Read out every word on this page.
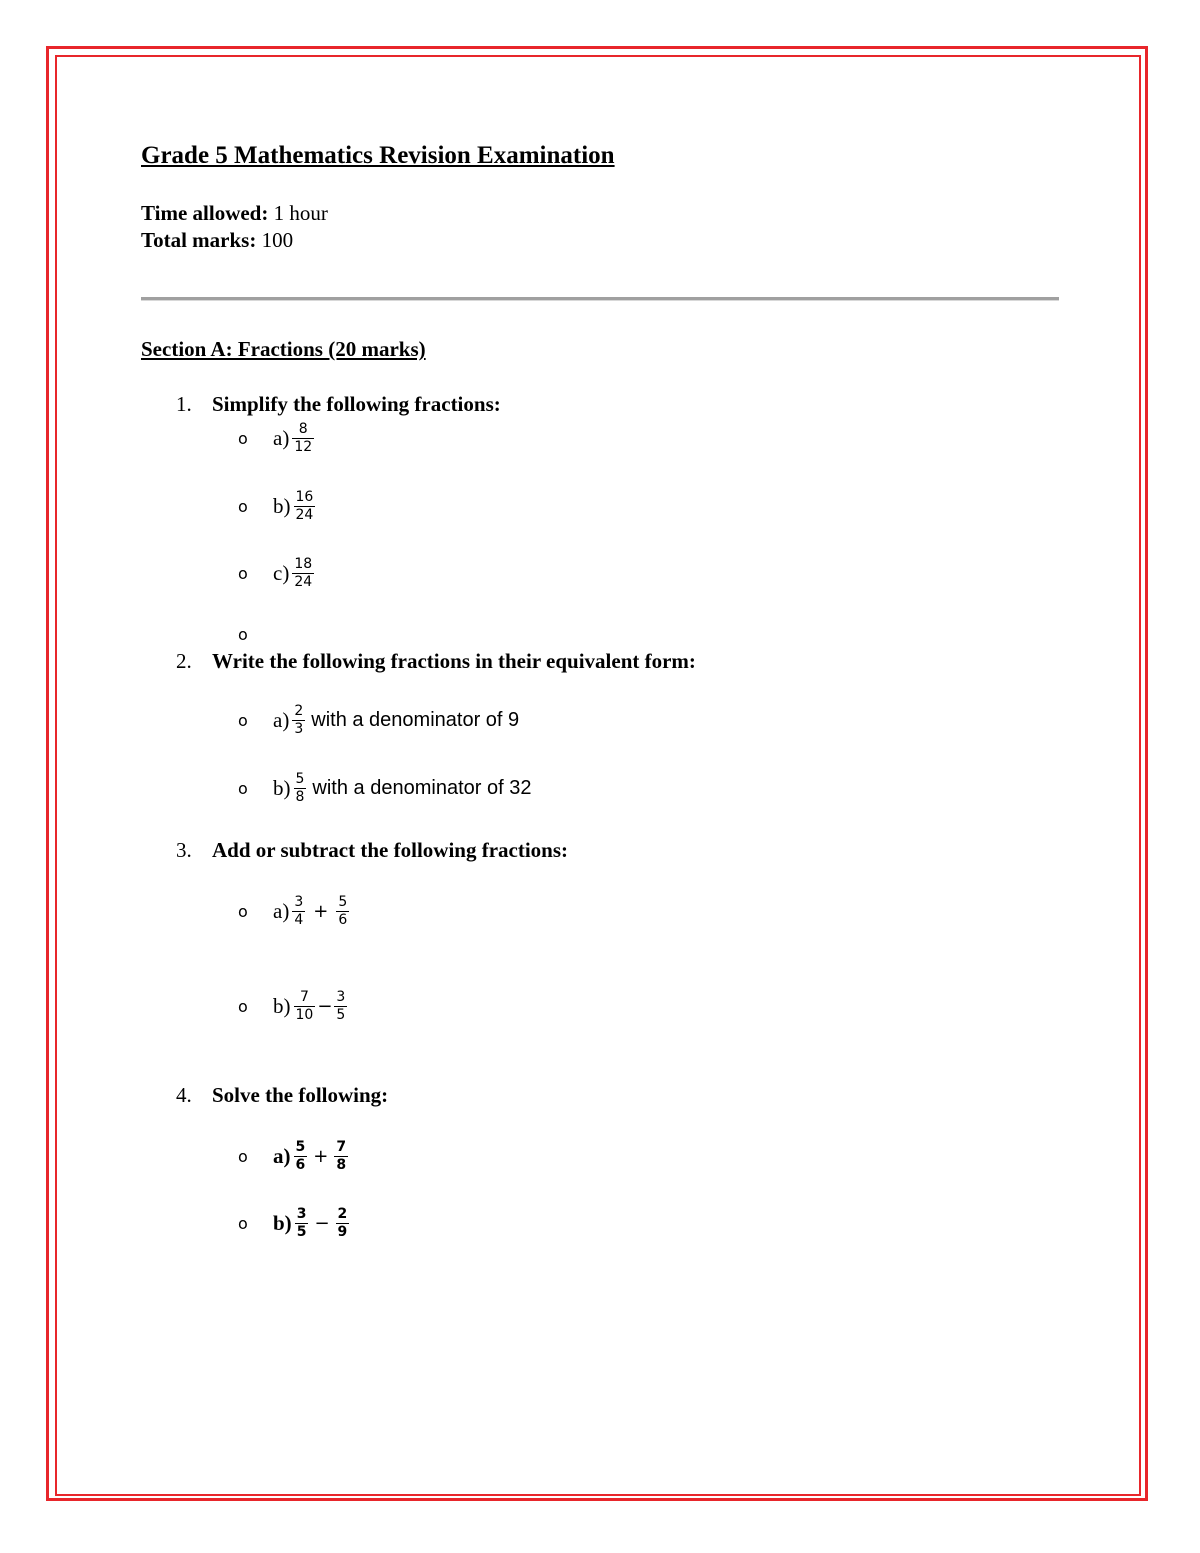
Grade 5 Mathematics Revision Examination
Time allowed: 1 hour
Total marks: 100
Section A: Fractions (20 marks)
1. Simplify the following fractions:
o	$a) \frac{8}{12}$
o	$b) \frac{16}{24}$
o	$c) \frac{18}{24}$
o
2. Write the following fractions in their equivalent form:
o	$a) \frac{2}{3}$ with a denominator of 9
o	$b) \frac{5}{8}$ with a denominator of 32
3. Add or subtract the following fractions:
o	$a) \frac{3}{4} + \frac{5}{6}$
o	$b) \frac{7}{10} - \frac{3}{5}$
4. Solve the following:
o	$a) \frac{5}{6} + \frac{7}{8}$
o	$b) \frac{3}{5} - \frac{2}{9}$
